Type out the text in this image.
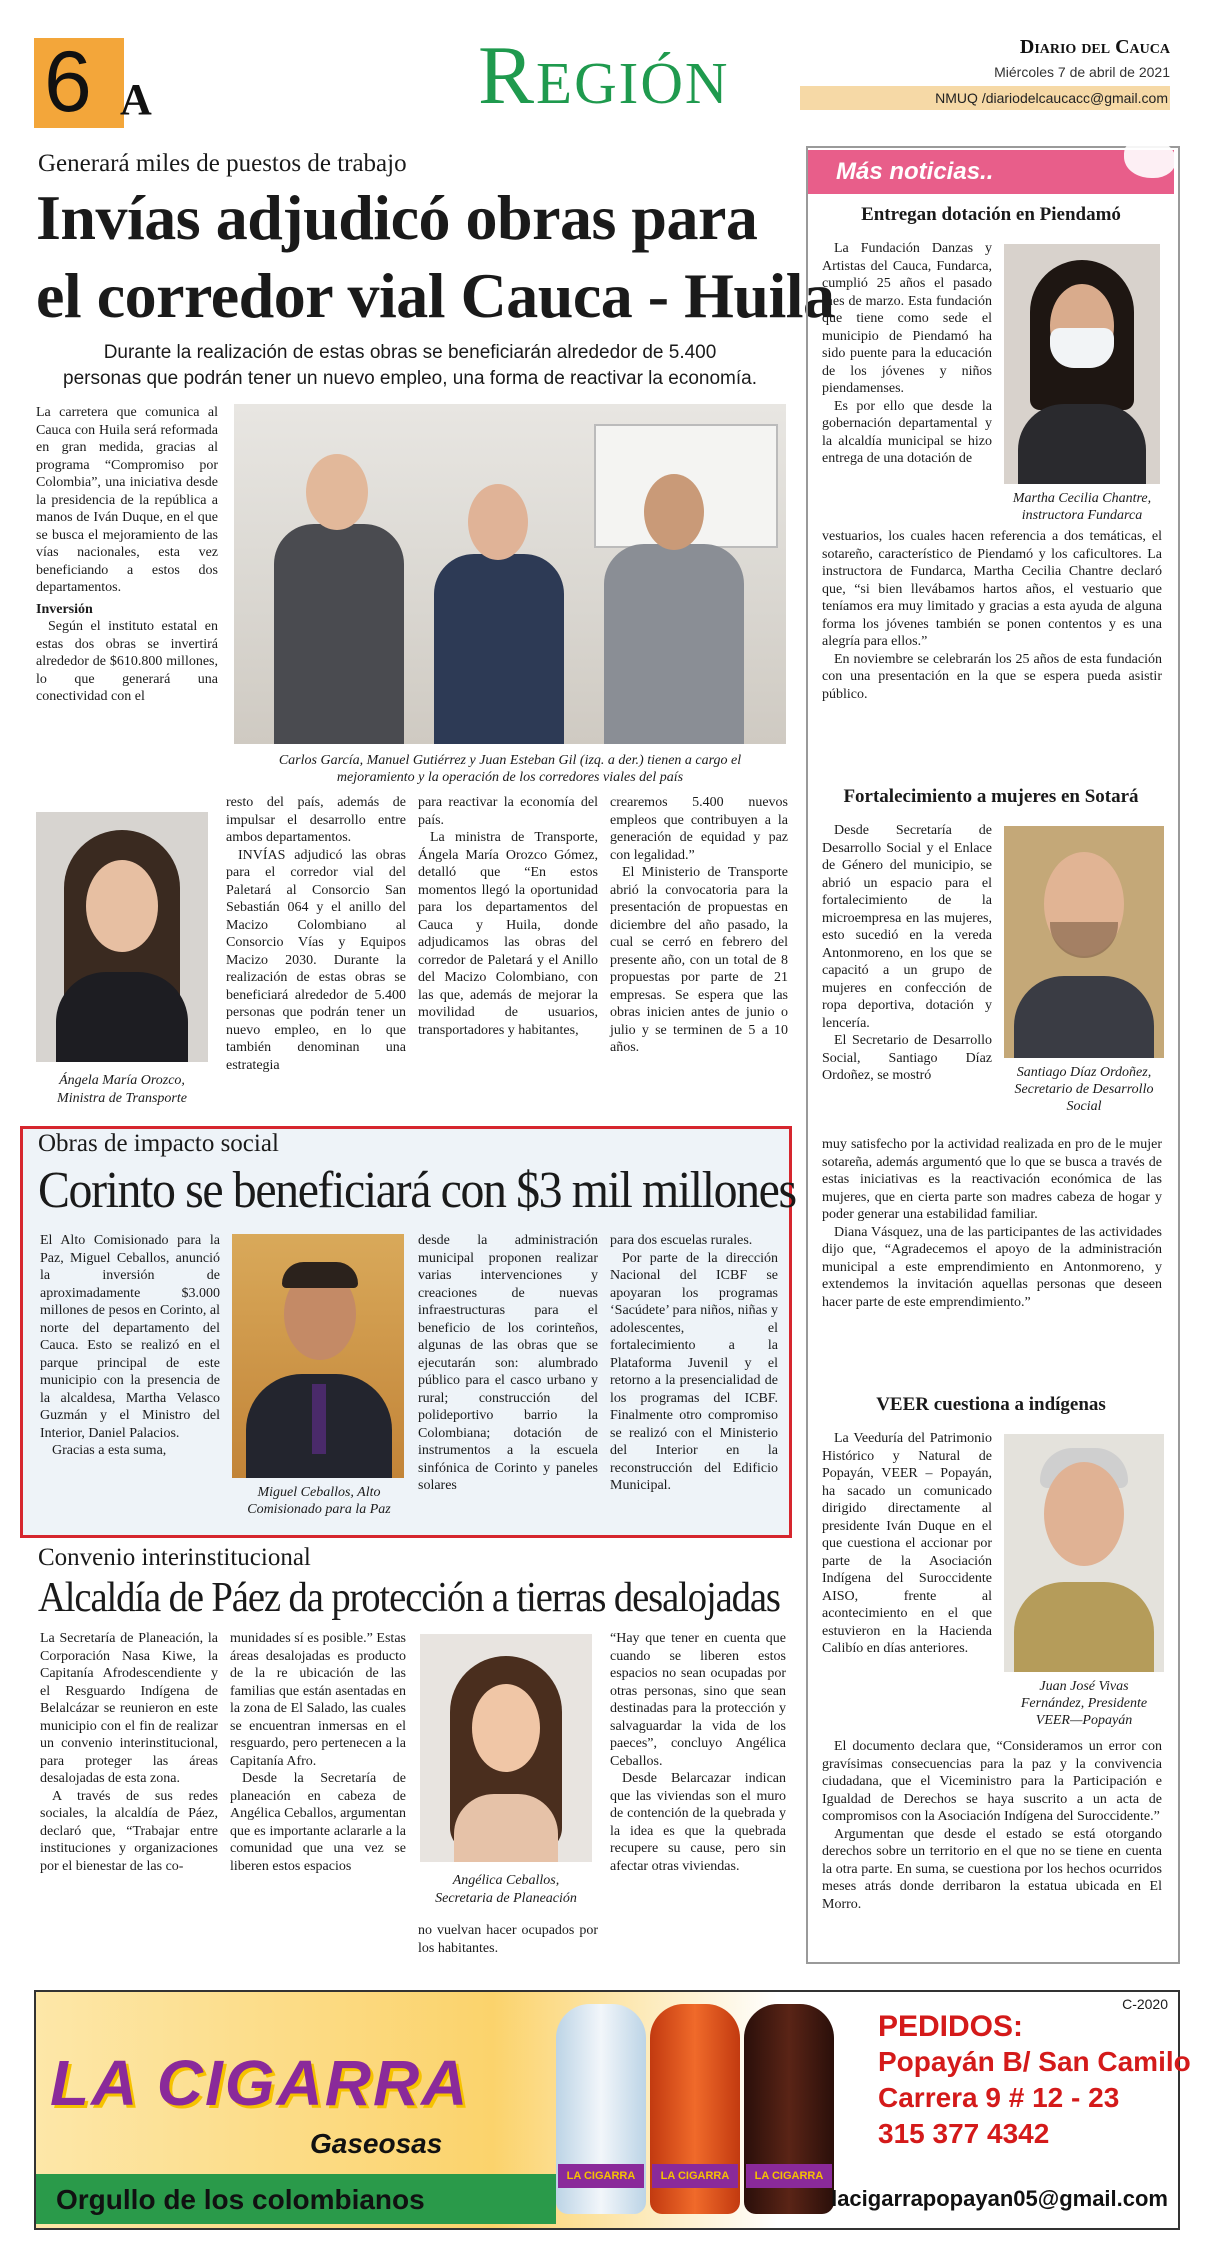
6 A	Región	Diario del Cauca
Miércoles 7 de abril de 2021
NMUQ /diariodelcaucacc@gmail.com
Generará miles de puestos de trabajo
Invías adjudicó obras para
el corredor vial Cauca - Huila
Durante la realización de estas obras se beneficiarán alrededor de 5.400
personas que podrán tener un nuevo empleo, una forma de reactivar la economía.

La carretera que comunica al Cauca con Huila será reformada en gran medida, gracias al programa “Compromiso por Colombia”, una iniciativa desde la presidencia de la república a manos de Iván Duque, en el que se busca el mejoramiento de las vías nacionales, esta vez beneficiando a estos dos departamentos.

Inversión

Según el instituto estatal en estas dos obras se invertirá alrededor de $610.800 millones, lo que generará una conectividad con el

Carlos García, Manuel Gutiérrez y Juan Esteban Gil (izq. a der.) tienen a cargo el mejoramiento y la operación de los corredores viales del país
Ángela María Orozco,
Ministra de Transporte

resto del país, además de impulsar el desarrollo entre ambos departamentos.

INVÍAS adjudicó las obras para el corredor vial del Paletará al Consorcio San Sebastián 064 y el anillo del Macizo Colombiano al Consorcio Vías y Equipos Macizo 2030. Durante la realización de estas obras se beneficiará alrededor de 5.400 personas que podrán tener un nuevo empleo, en lo que también denominan una estrategia

para reactivar la economía del país.

La ministra de Transporte, Ángela María Orozco Gómez, detalló que “En estos momentos llegó la oportunidad para los departamentos del Cauca y Huila, donde adjudicamos las obras del corredor de Paletará y el Anillo del Macizo Colombiano, con las que, además de mejorar la movilidad de usuarios, transportadores y habitantes,

crearemos 5.400 nuevos empleos que contribuyen a la generación de equidad y paz con legalidad.”

El Ministerio de Transporte abrió la convocatoria para la presentación de propuestas en diciembre del año pasado, la cual se cerró en febrero del presente año, con un total de 8 propuestas por parte de 21 empresas. Se espera que las obras inicien antes de junio o julio y se terminen de 5 a 10 años.

Obras de impacto social
Corinto se beneficiará con $3 mil millones

El Alto Comisionado para la Paz, Miguel Ceballos, anunció la inversión de aproximadamente $3.000 millones de pesos en Corinto, al norte del departamento del Cauca. Esto se realizó en el parque principal de este municipio con la presencia de la alcaldesa, Martha Velasco Guzmán y el Ministro del Interior, Daniel Palacios.

Gracias a esta suma,

Miguel Ceballos, Alto
Comisionado para la Paz

desde la administración municipal proponen realizar varias intervenciones y creaciones de nuevas infraestructuras para el beneficio de los corinteños, algunas de las obras que se ejecutarán son: alumbrado público para el casco urbano y rural; construcción del polideportivo barrio la Colombiana; dotación de instrumentos a la escuela sinfónica de Corinto y paneles solares

para dos escuelas rurales.

Por parte de la dirección Nacional del ICBF se apoyaran los programas ‘Sacúdete’ para niños, niñas y adolescentes, el fortalecimiento a la Plataforma Juvenil y el retorno a la presencialidad de los programas del ICBF. Finalmente otro compromiso se realizó con el Ministerio del Interior en la reconstrucción del Edificio Municipal.

Convenio interinstitucional
Alcaldía de Páez da protección a tierras desalojadas

La Secretaría de Planeación, la Corporación Nasa Kiwe, la Capitanía Afrodescendiente y el Resguardo Indígena de Belalcázar se reunieron en este municipio con el fin de realizar un convenio interinstitucional, para proteger las áreas desalojadas de esta zona.

A través de sus redes sociales, la alcaldía de Páez, declaró que, “Trabajar entre instituciones y organizaciones por el bienestar de las co-

munidades sí es posible.” Estas áreas desalojadas es producto de la re ubicación de las familias que están asentadas en la zona de El Salado, las cuales se encuentran inmersas en el resguardo, pero pertenecen a la Capitanía Afro.

Desde la Secretaría de planeación en cabeza de Angélica Ceballos, argumentan que es importante aclararle a la comunidad que una vez se liberen estos espacios

Angélica Ceballos,
Secretaria de Planeación

no vuelvan hacer ocupados por los habitantes.

“Hay que tener en cuenta que cuando se liberen estos espacios no sean ocupadas por otras personas, sino que sean destinadas para la protección y salvaguardar la vida de los paeces”, concluyo Angélica Ceballos.

Desde Belarcazar indican que las viviendas son el muro de contención de la quebrada y la idea es que la quebrada recupere su cause, pero sin afectar otras viviendas.

Más noticias..
Entregan dotación en Piendamó

La Fundación Danzas y Artistas del Cauca, Fundarca, cumplió 25 años el pasado mes de marzo. Esta fundación que tiene como sede el municipio de Piendamó ha sido puente para la educación de los jóvenes y niños piendamenses.

Es por ello que desde la gobernación departamental y la alcaldía municipal se hizo entrega de una dotación de

Martha Cecilia Chantre,
instructora Fundarca

vestuarios, los cuales hacen referencia a dos temáticas, el sotareño, característico de Piendamó y los caficultores. La instructora de Fundarca, Martha Cecilia Chantre declaró que, “si bien llevábamos hartos años, el vestuario que teníamos era muy limitado y gracias a esta ayuda de alguna forma los jóvenes también se ponen contentos y es una alegría para ellos.”

En noviembre se celebrarán los 25 años de esta fundación con una presentación en la que se espera pueda asistir público.

Fortalecimiento a mujeres en Sotará

Desde Secretaría de Desarrollo Social y el Enlace de Género del municipio, se abrió un espacio para el fortalecimiento de la microempresa en las mujeres, esto sucedió en la vereda Antonmoreno, en los que se capacitó a un grupo de mujeres en confección de ropa deportiva, dotación y lencería.

El Secretario de Desarrollo Social, Santiago Díaz Ordoñez, se mostró	Santiago Díaz Ordoñez,
Secretario de Desarrollo
Social

muy satisfecho por la actividad realizada en pro de le mujer sotareña, además argumentó que lo que se busca a través de estas iniciativas es la reactivación económica de las mujeres, que en cierta parte son madres cabeza de hogar y poder generar una estabilidad familiar.

Diana Vásquez, una de las participantes de las actividades dijo que, “Agradecemos el apoyo de la administración municipal a este emprendimiento en Antonmoreno, y extendemos la invitación aquellas personas que deseen hacer parte de este emprendimiento.”

VEER cuestiona a indígenas

La Veeduría del Patrimonio Histórico y Natural de Popayán, VEER – Popayán, ha sacado un comunicado dirigido directamente al presidente Iván Duque en el que cuestiona el accionar por parte de la Asociación Indígena del Suroccidente AISO, frente al acontecimiento en el que estuvieron en la Hacienda Calibío en días anteriores.

Juan José Vivas
Fernández, Presidente
VEER—Popayán

El documento declara que, “Consideramos un error con gravísimas consecuencias para la paz y la convivencia ciudadana, que el Viceministro para la Participación e Igualdad de Derechos se haya suscrito a un acta de compromisos con la Asociación Indígena del Suroccidente.”

Argumentan que desde el estado se está otorgando derechos sobre un territorio en el que no se tiene en cuenta la otra parte. En suma, se cuestiona por los hechos ocurridos meses atrás donde derribaron la estatua ubicada en El Morro.

C-2020
LA CIGARRA
Gaseosas
Orgullo de los colombianos
LA CIGARRA	LA CIGARRA	LA CIGARRA
PEDIDOS:
Popayán B/ San Camilo
Carrera 9 # 12 - 23
315 377 4342
lacigarrapopayan05@gmail.com
